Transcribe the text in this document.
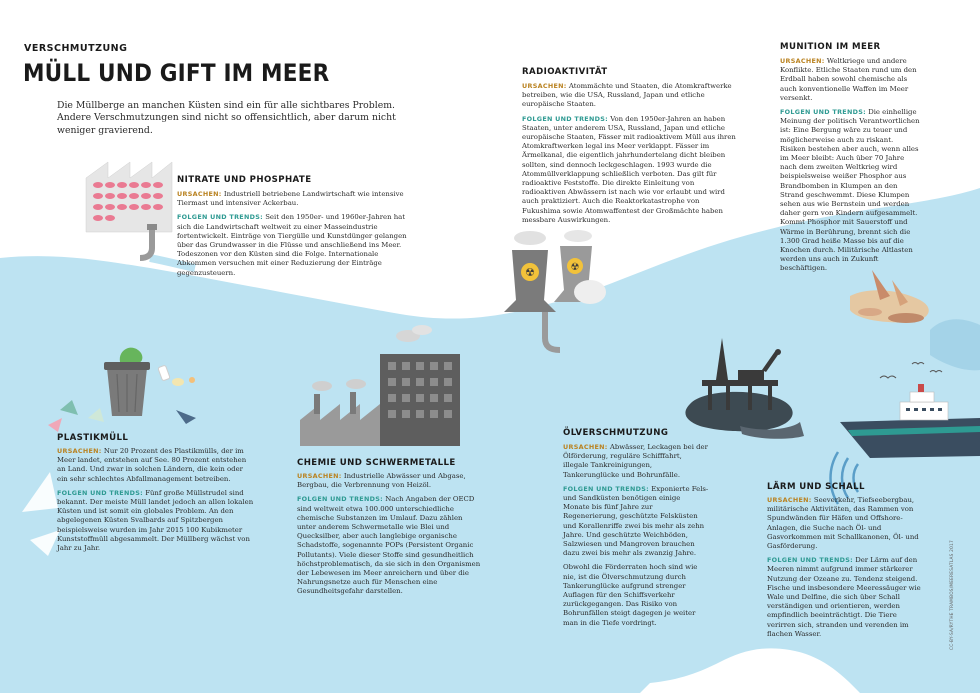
☢	☢
VERSCHMUTZUNG
MÜLL UND GIFT IM MEER

Die Müllberge an manchen Küsten sind ein für alle sichtbares Problem. Andere Verschmutzungen sind nicht so offensichtlich, aber darum nicht weniger gravierend.

NITRATE UND PHOSPHATE

URSACHEN: Industriell betriebene Landwirtschaft wie intensive Tiermast und intensiver Ackerbau.

FOLGEN UND TRENDS: Seit den 1950er- und 1960er-Jahren hat sich die Landwirtschaft weltweit zu einer Masseindustrie fortentwickelt. Einträge von Tiergülle und Kunstdünger gelangen über das Grundwasser in die Flüsse und anschließend ins Meer. Todeszonen vor den Küsten sind die Folge. Internationale Abkommen versuchen mit einer Reduzierung der Einträge gegenzusteuern.

RADIOAKTIVITÄT

URSACHEN: Atommächte und Staaten, die Atomkraftwerke betreiben, wie die USA, Russland, Japan und etliche europäische Staaten.

FOLGEN UND TRENDS: Von den 1950er-Jahren an haben Staaten, unter anderem USA, Russland, Japan und etliche europäische Staaten, Fässer mit radioaktivem Müll aus ihren Atomkraftwerken legal ins Meer verklappt. Fässer im Ärmelkanal, die eigentlich jahrhundertelang dicht bleiben sollten, sind dennoch leckgeschlagen. 1993 wurde die Atommüllverklappung schließlich verboten. Das gilt für radioaktive Feststoffe. Die direkte Einleitung von radioaktiven Abwässern ist nach wie vor erlaubt und wird auch praktiziert. Auch die Reaktorkatastrophe von Fukushima sowie Atomwaffentest der Großmächte haben messbare Auswirkungen.

MUNITION IM MEER

URSACHEN: Weltkriege und andere Konflikte. Etliche Staaten rund um den Erdball haben sowohl chemische als auch konventionelle Waffen im Meer versenkt.

FOLGEN UND TRENDS: Die einhellige Meinung der politisch Verantwortlichen ist: Eine Bergung wäre zu teuer und möglicherweise auch zu riskant. Risiken bestehen aber auch, wenn alles im Meer bleibt: Auch über 70 Jahre nach dem zweiten Weltkrieg wird beispielsweise weißer Phosphor aus Brandbomben in Klumpen an den Strand geschwemmt. Diese Klumpen sehen aus wie Bernstein und werden daher gern von Kindern aufgesammelt. Kommt Phosphor mit Sauerstoff und Wärme in Berührung, brennt sich die 1.300 Grad heiße Masse bis auf die Knochen durch. Militärische Altlasten werden uns auch in Zukunft beschäftigen.

PLASTIKMÜLL

URSACHEN: Nur 20 Prozent des Plastikmülls, der im Meer landet, entstehen auf See. 80 Prozent entstehen an Land. Und zwar in solchen Ländern, die kein oder ein sehr schlechtes Abfallmanagement betreiben.

FOLGEN UND TRENDS: Fünf große Müllstrudel sind bekannt. Der meiste Müll landet jedoch an allen lokalen Küsten und ist somit ein globales Problem. An den abgelegenen Küsten Svalbards auf Spitzbergen beispielsweise wurden im Jahr 2015 100 Kubikmeter Kunststoffmüll abgesammelt. Der Müllberg wächst von Jahr zu Jahr.

CHEMIE UND SCHWERMETALLE

URSACHEN: Industrielle Abwässer und Abgase, Bergbau, die Verbrennung von Heizöl.

FOLGEN UND TRENDS: Nach Angaben der OECD sind weltweit etwa 100.000 unterschiedliche chemische Substanzen im Umlauf. Dazu zählen unter anderem Schwermetalle wie Blei und Quecksilber, aber auch langlebige organische Schadstoffe, sogenannte POPs (Persistent Organic Pollutants). Viele dieser Stoffe sind gesundheitlich höchstproblematisch, da sie sich in den Organismen der Lebewesen im Meer anreichern und über die Nahrungsnetze auch für Menschen eine Gesundheitsgefahr darstellen.

ÖLVERSCHMUTZUNG

URSACHEN: Abwässer, Leckagen bei der Ölförderung, reguläre Schifffahrt, illegale Tankreinigungen, Tankerunglücke und Bohrunfälle.

FOLGEN UND TRENDS: Exponierte Fels- und Sandküsten benötigen einige Monate bis fünf Jahre zur Regenerierung, geschützte Felsküsten und Korallenriffe zwei bis mehr als zehn Jahre. Und geschützte Weichböden, Salzwiesen und Mangroven brauchen dazu zwei bis mehr als zwanzig Jahre.

Obwohl die Förderraten hoch sind wie nie, ist die Ölverschmutzung durch Tankerunglücke aufgrund strenger Auflagen für den Schiffsverkehr zurückgegangen. Das Risiko von Bohrunfällen steigt dagegen je weiter man in die Tiefe vordringt.

LÄRM UND SCHALL

URSACHEN: Seeverkehr, Tiefseebergbau, militärische Aktivitäten, das Rammen von Spundwänden für Häfen und Offshore-Anlagen, die Suche nach Öl- und Gasvorkommen mit Schallkanonen, Öl- und Gasförderung.

FOLGEN UND TRENDS: Der Lärm auf den Meeren nimmt aufgrund immer stärkerer Nutzung der Ozeane zu. Tendenz steigend. Fische und insbesondere Meeressäuger wie Wale und Delfine, die sich über Schall verständigen und orientieren, werden empfindlich beeinträchtigt. Die Tiere verirren sich, stranden und verenden im flachen Wasser.	CC-BY-SA/RYTHE TRAMBOS/MEERESATLAS 2017
